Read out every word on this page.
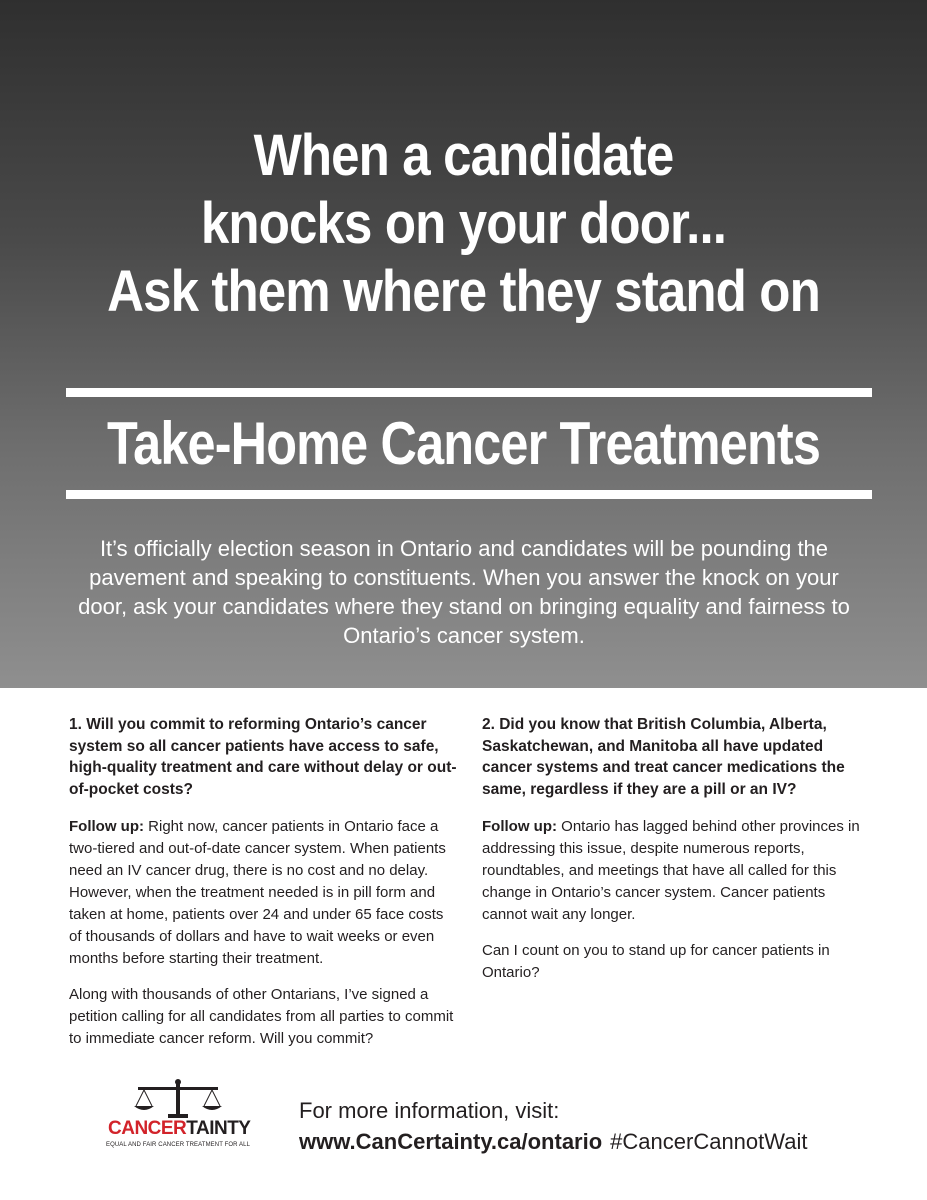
When a candidate
knocks on your door...
Ask them where they stand on
Take-Home Cancer Treatments
It’s officially election season in Ontario and candidates will be pounding the pavement and speaking to constituents. When you answer the knock on your door, ask your candidates where they stand on bringing equality and fairness to Ontario’s cancer system.
1. Will you commit to reforming Ontario’s cancer system so all cancer patients have access to safe, high-quality treatment and care without delay or out-of-pocket costs?
Follow up: Right now, cancer patients in Ontario face a two-tiered and out-of-date cancer system. When patients need an IV cancer drug, there is no cost and no delay. However, when the treatment needed is in pill form and taken at home, patients over 24 and under 65 face costs of thousands of dollars and have to wait weeks or even months before starting their treatment.
Along with thousands of other Ontarians, I’ve signed a petition calling for all candidates from all parties to commit to immediate cancer reform. Will you commit?
2. Did you know that British Columbia, Alberta, Saskatchewan, and Manitoba all have updated cancer systems and treat cancer medications the same, regardless if they are a pill or an IV?
Follow up: Ontario has lagged behind other provinces in addressing this issue, despite numerous reports, roundtables, and meetings that have all called for this change in Ontario’s cancer system. Cancer patients cannot wait any longer.
Can I count on you to stand up for cancer patients in Ontario?
CANCERTAINTY
EQUAL AND FAIR CANCER TREATMENT FOR ALL
For more information, visit:
www.CanCertainty.ca/ontario #CancerCannotWait
